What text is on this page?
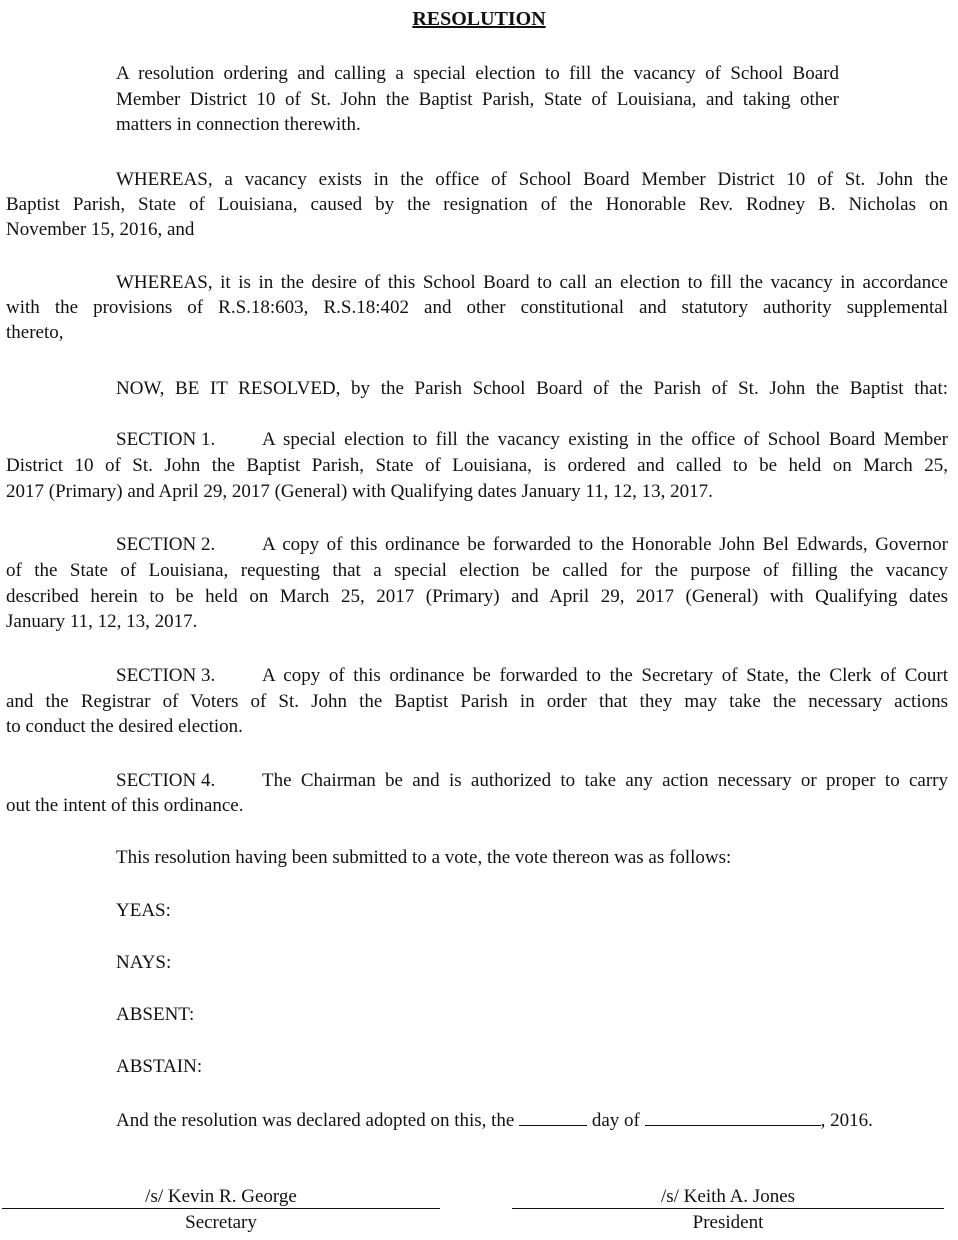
RESOLUTION
A resolution ordering and calling a special election to fill the vacancy of School Board
Member District 10 of St. John the Baptist Parish, State of Louisiana, and taking other
matters in connection therewith.
WHEREAS, a vacancy exists in the office of School Board Member District 10 of St. John the
Baptist Parish, State of Louisiana, caused by the resignation of the Honorable Rev. Rodney B. Nicholas on
November 15, 2016, and
WHEREAS, it is in the desire of this School Board to call an election to fill the vacancy in accordance
with the provisions of R.S.18:603, R.S.18:402 and other constitutional and statutory authority supplemental
thereto,
NOW, BE IT RESOLVED, by the Parish School Board of the Parish of St. John the Baptist that:
SECTION 1. A special election to fill the vacancy existing in the office of School Board Member
District 10 of St. John the Baptist Parish, State of Louisiana, is ordered and called to be held on March 25,
2017 (Primary) and April 29, 2017 (General) with Qualifying dates January 11, 12, 13, 2017.
SECTION 2. A copy of this ordinance be forwarded to the Honorable John Bel Edwards, Governor
of the State of Louisiana, requesting that a special election be called for the purpose of filling the vacancy
described herein to be held on March 25, 2017 (Primary) and April 29, 2017 (General) with Qualifying dates
January 11, 12, 13, 2017.
SECTION 3. A copy of this ordinance be forwarded to the Secretary of State, the Clerk of Court
and the Registrar of Voters of St. John the Baptist Parish in order that they may take the necessary actions
to conduct the desired election.
SECTION 4. The Chairman be and is authorized to take any action necessary or proper to carry
out the intent of this ordinance.
This resolution having been submitted to a vote, the vote thereon was as follows:
YEAS:
NAYS:
ABSENT:
ABSTAIN:
And the resolution was declared adopted on this, the	day of	, 2016.
/s/ Kevin R. George
Secretary
/s/ Keith A. Jones
President
